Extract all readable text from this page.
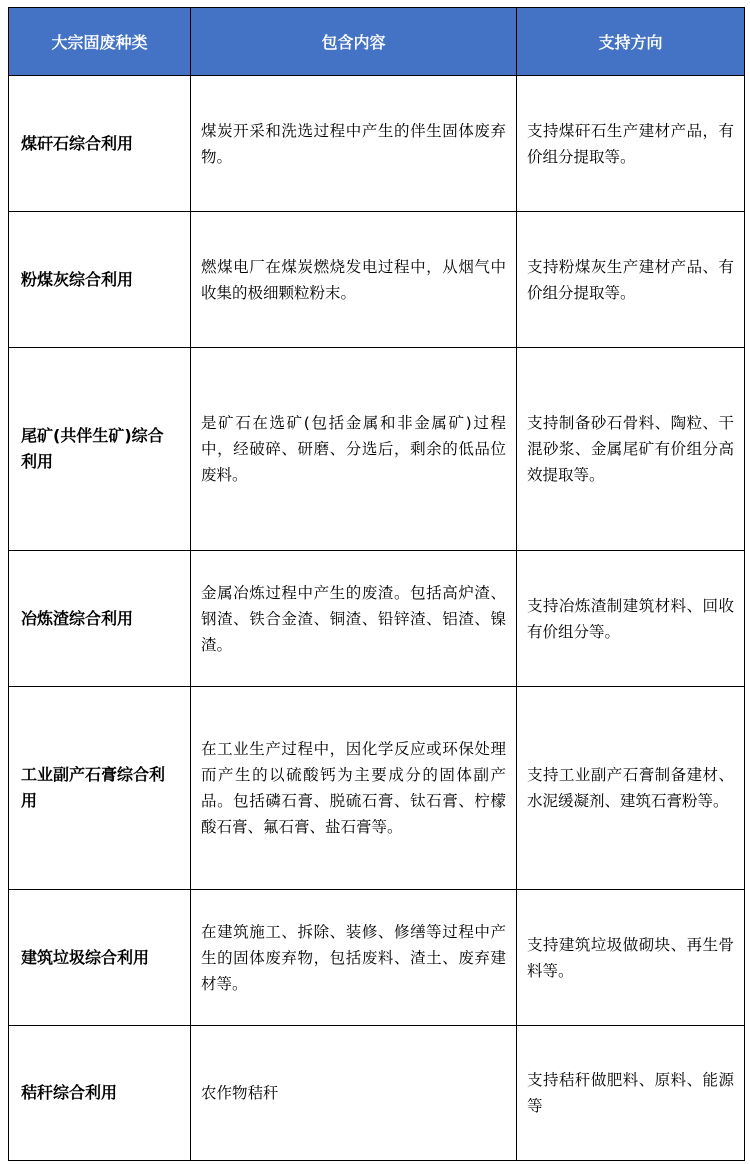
大宗固废种类	包含内容	支持方向
煤矸石综合利用	煤炭开采和洗选过程中产生的伴生固体废弃物。	支持煤矸石生产建材产品，有价组分提取等。
粉煤灰综合利用	燃煤电厂在煤炭燃烧发电过程中，从烟气中收集的极细颗粒粉末。	支持粉煤灰生产建材产品、有价组分提取等。
尾矿(共伴生矿)综合利用	是矿石在选矿(包括金属和非金属矿)过程中，经破碎、研磨、分选后，剩余的低品位废料。	支持制备砂石骨料、陶粒、干混砂浆、金属尾矿有价组分高效提取等。
冶炼渣综合利用	金属冶炼过程中产生的废渣。包括高炉渣、钢渣、铁合金渣、铜渣、铅锌渣、铝渣、镍渣。	支持冶炼渣制建筑材料、回收有价组分等。
工业副产石膏综合利用	在工业生产过程中，因化学反应或环保处理而产生的以硫酸钙为主要成分的固体副产品。包括磷石膏、脱硫石膏、钛石膏、柠檬酸石膏、氟石膏、盐石膏等。	支持工业副产石膏制备建材、水泥缓凝剂、建筑石膏粉等。
建筑垃圾综合利用	在建筑施工、拆除、装修、修缮等过程中产生的固体废弃物，包括废料、渣土、废弃建材等。	支持建筑垃圾做砌块、再生骨料等。
秸秆综合利用	农作物秸秆	支持秸秆做肥料、原料、能源等
